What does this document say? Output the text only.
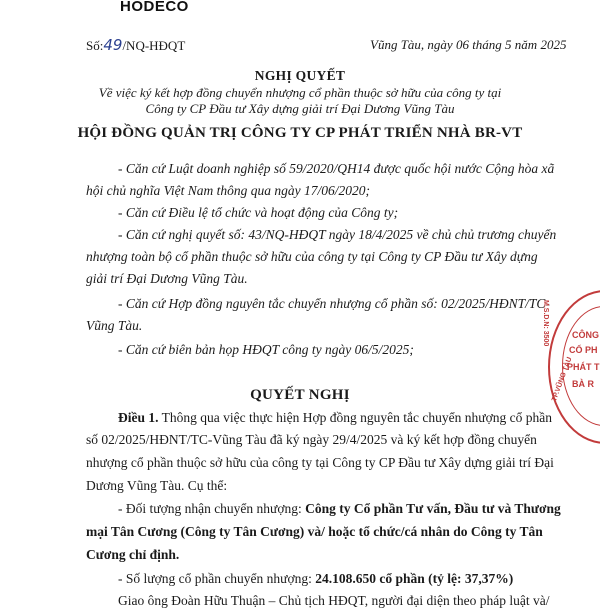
HODECO
Số:49/NQ-HĐQT	Vũng Tàu, ngày 06 tháng 5 năm 2025
NGHỊ QUYẾT
Về việc ký kết hợp đồng chuyển nhượng cổ phần thuộc sở hữu của công ty tại
Công ty CP Đầu tư Xây dựng giải trí Đại Dương Vũng Tàu
HỘI ĐỒNG QUẢN TRỊ CÔNG TY CP PHÁT TRIỂN NHÀ BR-VT
- Căn cứ Luật doanh nghiệp số 59/2020/QH14 được quốc hội nước Cộng hòa xã
hội chủ nghĩa Việt Nam thông qua ngày 17/06/2020;
- Căn cứ Điều lệ tổ chức và hoạt động của Công ty;
- Căn cứ nghị quyết số: 43/NQ-HĐQT ngày 18/4/2025 về chủ chủ trương chuyển
nhượng toàn bộ cổ phần thuộc sở hữu của công ty tại Công ty CP Đầu tư Xây dựng
giải trí Đại Dương Vũng Tàu.
- Căn cứ Hợp đồng nguyên tắc chuyển nhượng cổ phần số: 02/2025/HĐNT/TC-
Vũng Tàu.
- Căn cứ biên bản họp HĐQT công ty ngày 06/5/2025;
QUYẾT NGHỊ
Điều 1. Thông qua việc thực hiện Hợp đồng nguyên tắc chuyển nhượng cổ phần
số 02/2025/HĐNT/TC-Vũng Tàu đã ký ngày 29/4/2025 và ký kết hợp đồng chuyển
nhượng cổ phần thuộc sở hữu của công ty tại Công ty CP Đầu tư Xây dựng giải trí Đại
Dương Vũng Tàu. Cụ thể:
- Đối tượng nhận chuyển nhượng: Công ty Cổ phần Tư vấn, Đầu tư và Thương
mại Tân Cương (Công ty Tân Cương) và/ hoặc tổ chức/cá nhân do Công ty Tân
Cương chỉ định.
- Số lượng cổ phần chuyển nhượng: 24.108.650 cổ phần (tỷ lệ: 37,37%)
Giao ông Đoàn Hữu Thuận – Chủ tịch HĐQT, người đại diện theo pháp luật và/
M.S.D.N: 3500	CÔNG
CỔ PH
PHÁT T
BÀ R
TP.VŨNG TÀU
